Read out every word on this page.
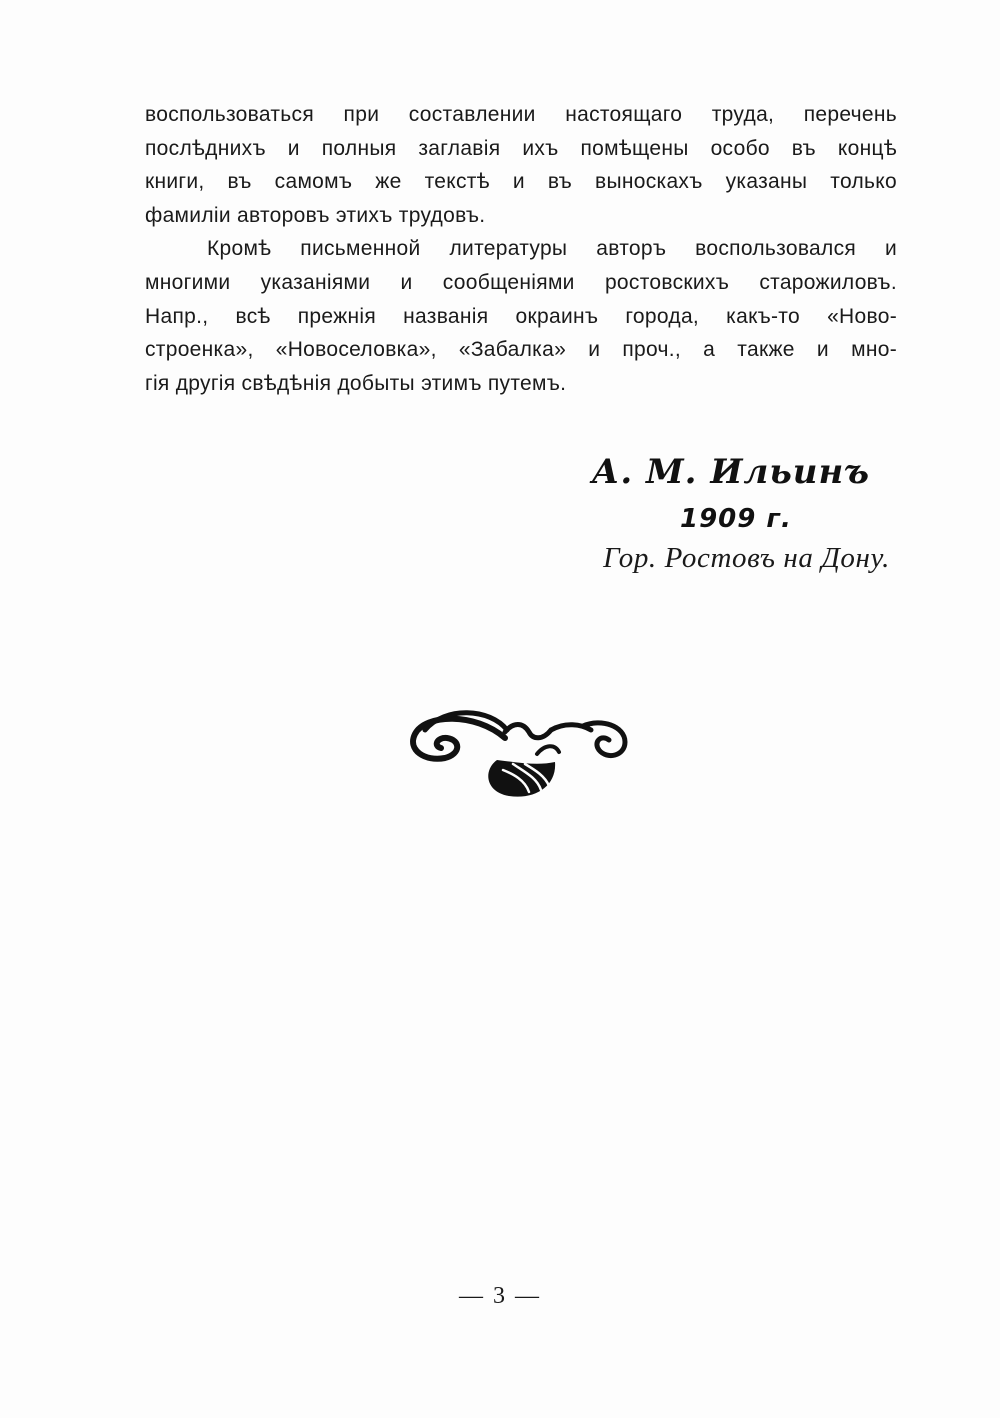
воспользоваться при составлении настоящаго труда, перечень
послѣднихъ и полныя заглавія ихъ помѣщены особо въ концѣ
книги, въ самомъ же текстѣ и въ выноскахъ указаны только
фамиліи авторовъ этихъ трудовъ.

Кромѣ письменной литературы авторъ воспользовался и
многими указаніями и сообщеніями ростовскихъ старожиловъ.
Напр., всѣ прежнія названія окраинъ города, какъ-то «Ново-
строенка», «Новоселовка», «Забалка» и проч., а также и мно-
гія другія свѣдѣнія добыты этимъ путемъ.

А. М. Ильинъ
1909 г.
Гор. Ростовъ на Дону.
— 3 —
